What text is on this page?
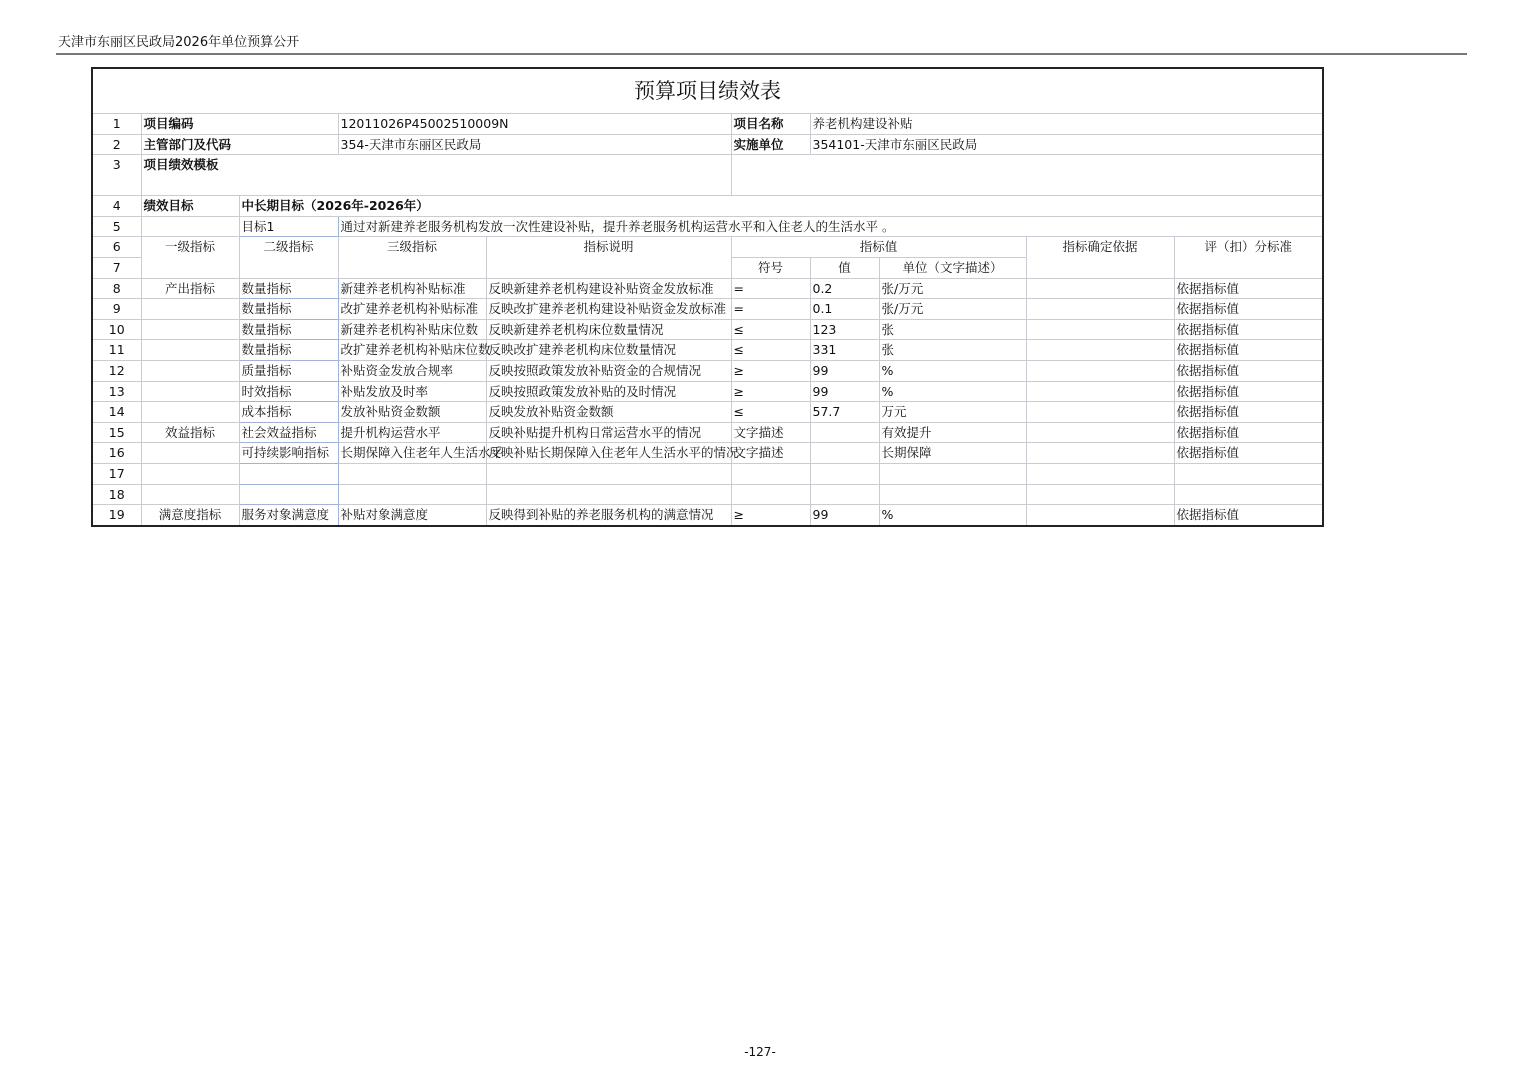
天津市东丽区民政局2026年单位预算公开
预算项目绩效表									
1	项目编码		12011026P45002510009N		项目名称	养老机构建设补贴			
2	主管部门及代码		354-天津市东丽区民政局		实施单位	354101-天津市东丽区民政局			
3	项目绩效模板								
4	绩效目标	中长期目标（2026年-2026年）							
5		目标1	通过对新建养老服务机构发放一次性建设补贴，提升养老服务机构运营水平和入住老人的生活水平 。						
6	一级指标	二级指标	三级指标	指标说明	指标值			指标确定依据	评（扣）分标准
7					符号	值	单位（文字描述）		
8	产出指标	数量指标	新建养老机构补贴标准	反映新建养老机构建设补贴资金发放标准	=	0.2	张/万元		依据指标值
9		数量指标	改扩建养老机构补贴标准	反映改扩建养老机构建设补贴资金发放标准	=	0.1	张/万元		依据指标值
10		数量指标	新建养老机构补贴床位数	反映新建养老机构床位数量情况	≤	123	张		依据指标值
11		数量指标	改扩建养老机构补贴床位数	反映改扩建养老机构床位数量情况	≤	331	张		依据指标值
12		质量指标	补贴资金发放合规率	反映按照政策发放补贴资金的合规情况	≥	99	%		依据指标值
13		时效指标	补贴发放及时率	反映按照政策发放补贴的及时情况	≥	99	%		依据指标值
14		成本指标	发放补贴资金数额	反映发放补贴资金数额	≤	57.7	万元		依据指标值
15	效益指标	社会效益指标	提升机构运营水平	反映补贴提升机构日常运营水平的情况	文字描述		有效提升		依据指标值
16		可持续影响指标	长期保障入住老年人生活水平	反映补贴长期保障入住老年人生活水平的情况	文字描述		长期保障		依据指标值
17									
18									
19	满意度指标	服务对象满意度	补贴对象满意度	反映得到补贴的养老服务机构的满意情况	≥	99	%		依据指标值
-127-
